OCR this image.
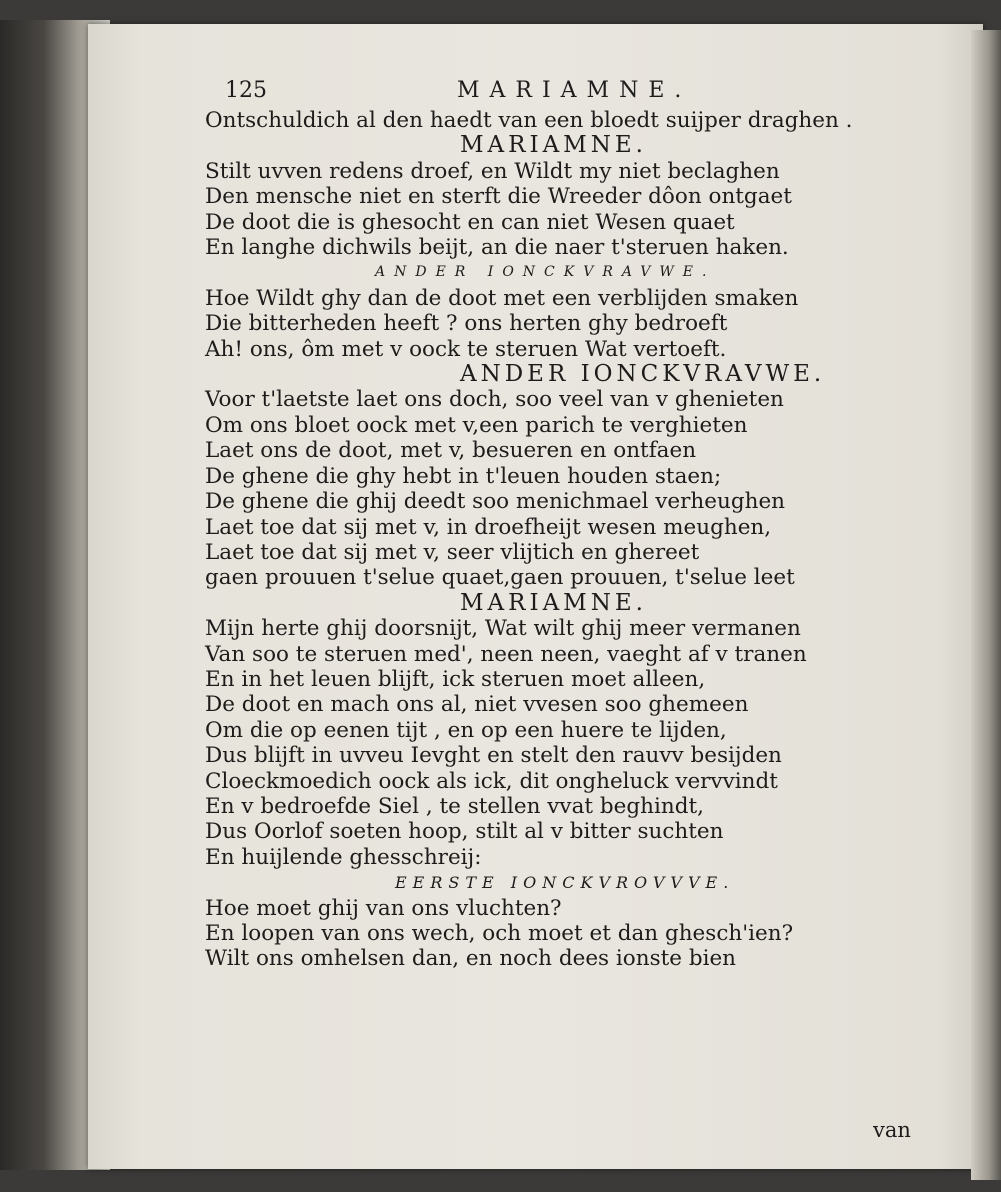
125	MARIAMNE.
Ontschuldich al den haedt van een bloedt suijper draghen .
MARIAMNE.
Stilt uvven redens droef, en Wildt my niet beclaghen
Den mensche niet en sterft die Wreeder dôon ontgaet
De doot die is ghesocht en can niet Wesen quaet
En langhe dichwils beijt, an die naer t'steruen haken.
ANDER IONCKVRAVWE.
Hoe Wildt ghy dan de doot met een verblijden smaken
Die bitterheden heeft ? ons herten ghy bedroeft
Ah! ons, ôm met v oock te steruen Wat vertoeft.
ANDER IONCKVRAVWE.
Voor t'laetste laet ons doch, soo veel van v ghenieten
Om ons bloet oock met v,een parich te verghieten
Laet ons de doot, met v, besueren en ontfaen
De ghene die ghy hebt in t'leuen houden staen;
De ghene die ghij deedt soo menichmael verheughen
Laet toe dat sij met v, in droefheijt wesen meughen,
Laet toe dat sij met v, seer vlijtich en ghereet
gaen prouuen t'selue quaet,gaen prouuen, t'selue leet
MARIAMNE.
Mijn herte ghij doorsnijt, Wat wilt ghij meer vermanen
Van soo te steruen med', neen neen, vaeght af v tranen
En in het leuen blijft, ick steruen moet alleen,
De doot en mach ons al, niet vvesen soo ghemeen
Om die op eenen tijt , en op een huere te lijden,
Dus blijft in uvveu Ievght en stelt den rauvv besijden
Cloeckmoedich oock als ick, dit ongheluck vervvindt
En v bedroefde Siel , te stellen vvat beghindt,
Dus Oorlof soeten hoop, stilt al v bitter suchten
En huijlende ghesschreij:
EERSTE IONCKVROVVVE.
Hoe moet ghij van ons vluchten?
En loopen van ons wech, och moet et dan ghesch'ien?
Wilt ons omhelsen dan, en noch dees ionste bien
van
